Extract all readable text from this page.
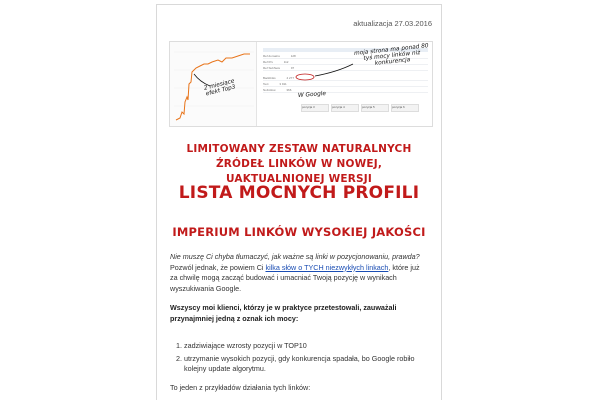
aktualizacja 27.03.2016
Ref domains	128
Ref IPs	112
Ref SubNets	97
Backlinks	4 277
Text	3 911
NoFollow	366
pozycja 3	pozycja 4	pozycja 5	pozycja 6
moja strona ma ponad 80 tyś mocy linków niż konkurencja
2 miesiące efekt Top3	W Google
LIMITOWANY ZESTAW NATURALNYCH ŹRÓDEŁ LINKÓW W NOWEJ, UAKTUALNIONEJ WERSJI
LISTA MOCNYCH PROFILI
IMPERIUM LINKÓW WYSOKIEJ JAKOŚCI
Nie muszę Ci chyba tłumaczyć, jak ważne są linki w pozycjonowaniu, prawda?
Pozwól jednak, że powiem Ci kilka słów o TYCH niezwykłych linkach, które już za chwilę mogą zacząć budować i umacniać Twoją pozycję w wynikach wyszukiwania Google.
Wszyscy moi klienci, którzy je w praktyce przetestowali, zauważali przynajmniej jedną z oznak ich mocy:
1. zadziwiające wzrosty pozycji w TOP10
2. utrzymanie wysokich pozycji, gdy konkurencja spadała, bo Google robiło kolejny update algorytmu.
To jeden z przykładów działania tych linków:
